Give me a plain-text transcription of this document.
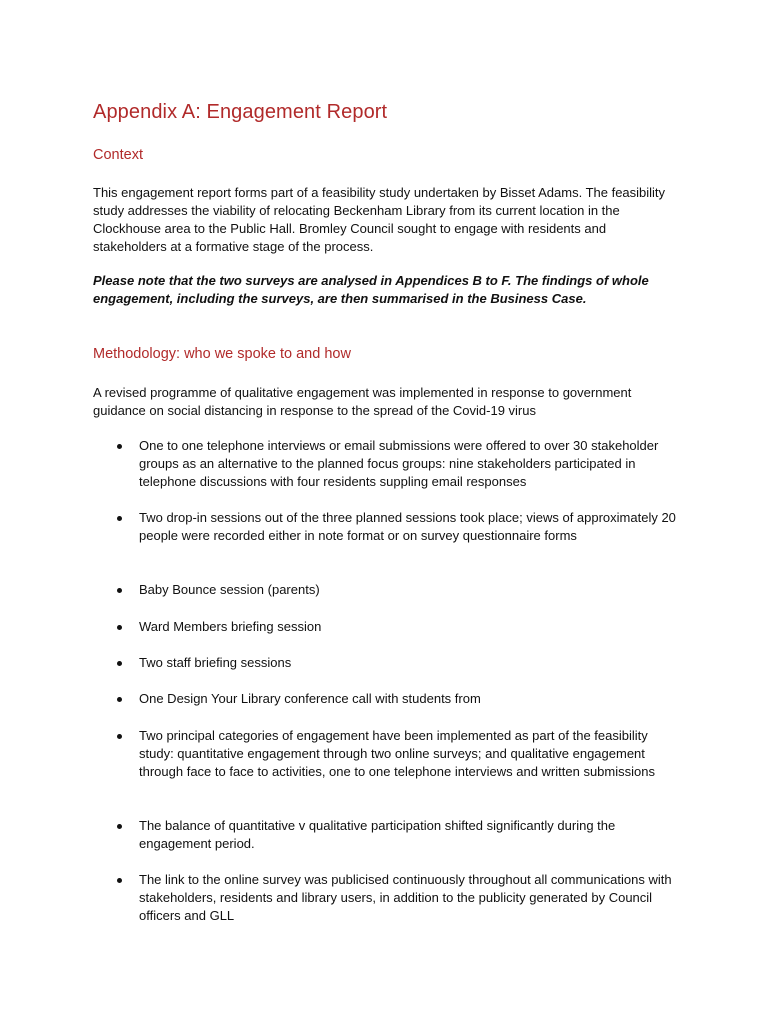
Appendix A: Engagement Report
Context

This engagement report forms part of a feasibility study undertaken by Bisset Adams. The feasibility study addresses the viability of relocating Beckenham Library from its current location in the Clockhouse area to the Public Hall. Bromley Council sought to engage with residents and stakeholders at a formative stage of the process.

Please note that the two surveys are analysed in Appendices B to F. The findings of whole engagement, including the surveys, are then summarised in the Business Case.

Methodology: who we spoke to and how

A revised programme of qualitative engagement was implemented in response to government guidance on social distancing in response to the spread of the Covid-19 virus

One to one telephone interviews or email submissions were offered to over 30 stakeholder groups as an alternative to the planned focus groups: nine stakeholders participated in telephone discussions with four residents suppling email responses
Two drop-in sessions out of the three planned sessions took place; views of approximately 20 people were recorded either in note format or on survey questionnaire forms
Baby Bounce session (parents)
Ward Members briefing session
Two staff briefing sessions
One Design Your Library conference call with students from
Two principal categories of engagement have been implemented as part of the feasibility study: quantitative engagement through two online surveys; and qualitative engagement through face to face to activities, one to one telephone interviews and written submissions
The balance of quantitative v qualitative participation shifted significantly during the engagement period.
The link to the online survey was publicised continuously throughout all communications with stakeholders, residents and library users, in addition to the publicity generated by Council officers and GLL
